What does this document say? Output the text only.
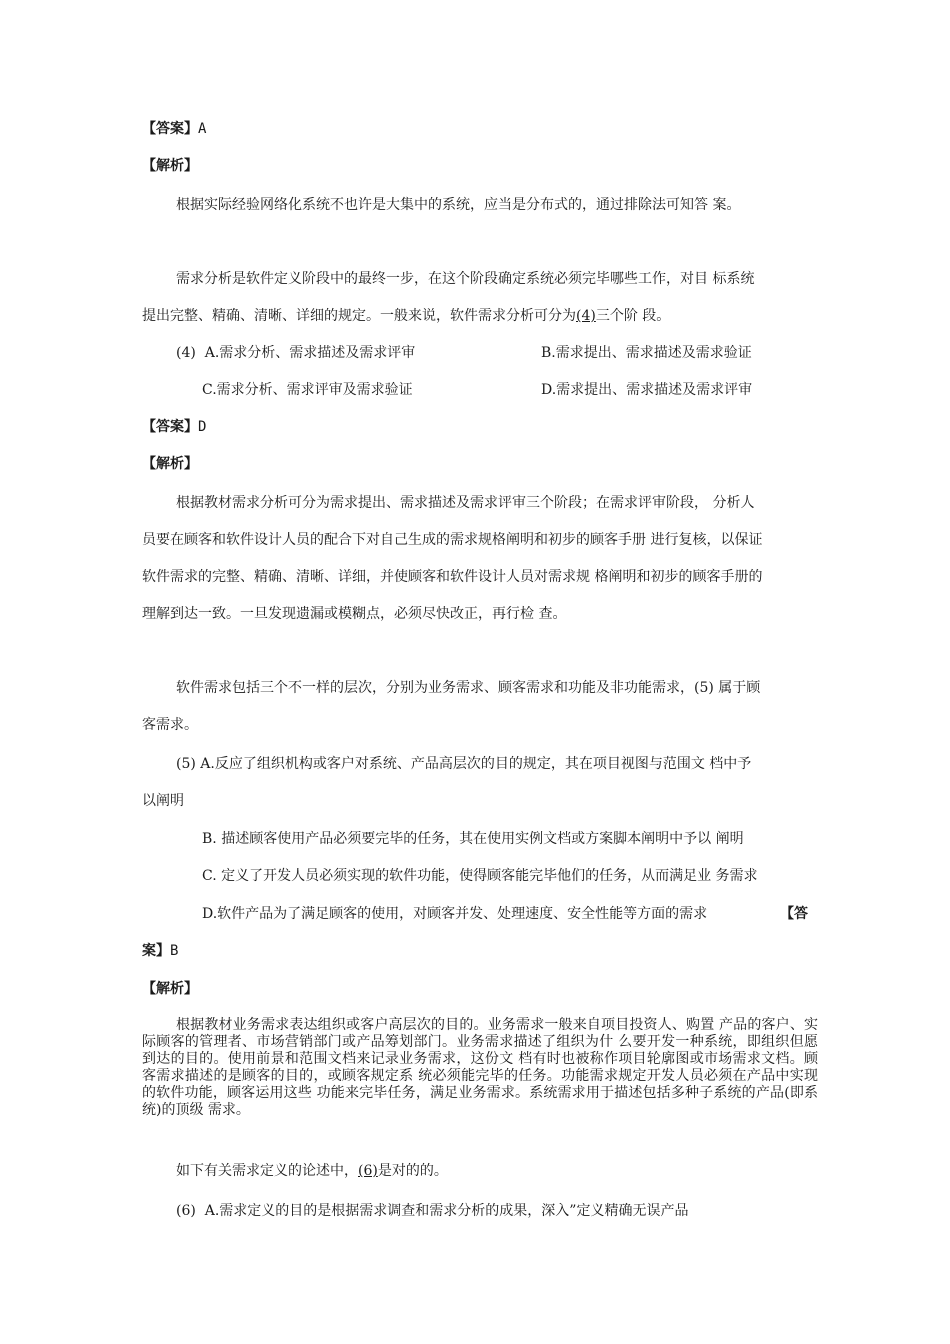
【答案】A
【解析】
根据实际经验网络化系统不也许是大集中的系统，应当是分布式的，通过排除法可知答 案。
需求分析是软件定义阶段中的最终一步，在这个阶段确定系统必须完毕哪些工作，对目 标系统
提出完整、精确、清晰、详细的规定。一般来说，软件需求分析可分为(4)三个阶 段。
(4) A.需求分析、需求描述及需求评审	B.需求提出、需求描述及需求验证
C.需求分析、需求评审及需求验证	D.需求提出、需求描述及需求评审
【答案】D
【解析】
根据教材需求分析可分为需求提出、需求描述及需求评审三个阶段；在需求评审阶段， 分析人
员要在顾客和软件设计人员的配合下对自己生成的需求规格阐明和初步的顾客手册 进行复核，以保证
软件需求的完整、精确、清晰、详细，并使顾客和软件设计人员对需求规 格阐明和初步的顾客手册的
理解到达一致。一旦发现遗漏或模糊点，必须尽快改正，再行检 查。
软件需求包括三个不一样的层次，分别为业务需求、顾客需求和功能及非功能需求，(5) 属于顾
客需求。
(5) A.反应了组织机构或客户对系统、产品高层次的目的规定，其在项目视图与范围文 档中予
以阐明
B. 描述顾客使用产品必须要完毕的任务，其在使用实例文档或方案脚本阐明中予以 阐明
C. 定义了开发人员必须实现的软件功能，使得顾客能完毕他们的任务，从而满足业 务需求
D.软件产品为了满足顾客的使用，对顾客并发、处理速度、安全性能等方面的需求	【答
案】B
【解析】
根据教材业务需求表达组织或客户高层次的目的。业务需求一般来自项目投资人、购置 产品的客户、实际顾客的管理者、市场营销部门或产品筹划部门。业务需求描述了组织为什 么要开发一种系统，即组织但愿到达的目的。使用前景和范围文档来记录业务需求，这份文 档有时也被称作项目轮廓图或市场需求文档。顾客需求描述的是顾客的目的，或顾客规定系 统必须能完毕的任务。功能需求规定开发人员必须在产品中实现的软件功能，顾客运用这些 功能来完毕任务，满足业务需求。系统需求用于描述包括多种子系统的产品(即系统)的顶级 需求。
如下有关需求定义的论述中，(6)是对的的。
(6) A.需求定义的目的是根据需求调查和需求分析的成果，深入”定义精确无误产品
